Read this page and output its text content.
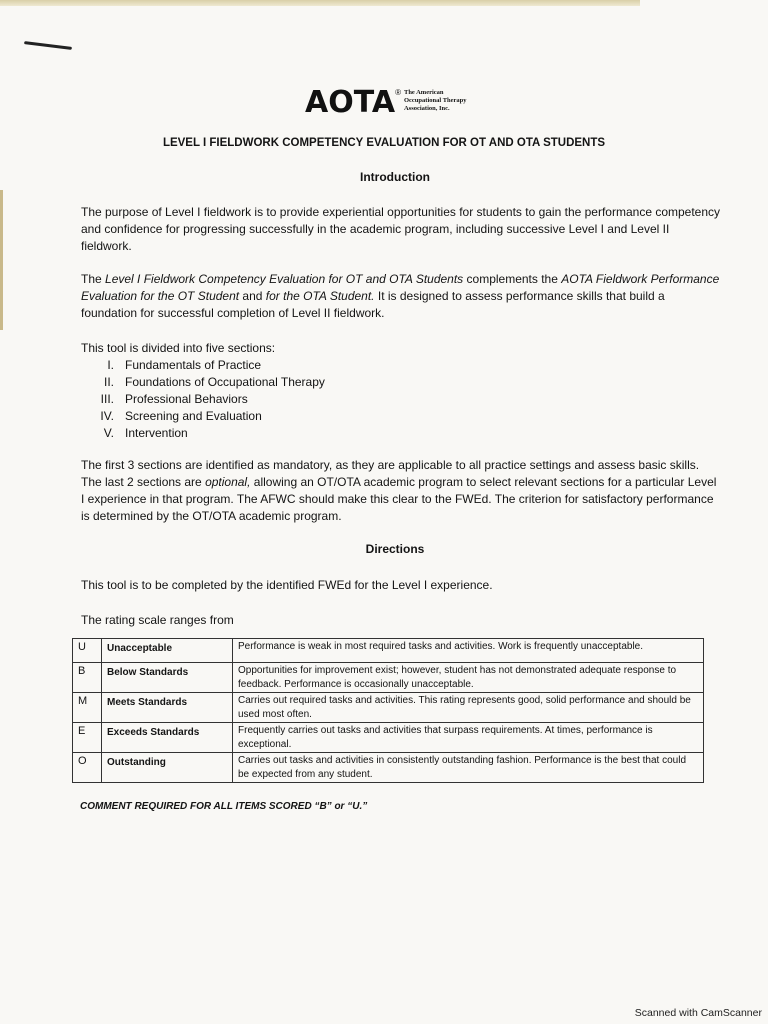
AOTA ® The American
Occupational Therapy
Association, Inc.
LEVEL I FIELDWORK COMPETENCY EVALUATION FOR OT AND OTA STUDENTS
Introduction
The purpose of Level I fieldwork is to provide experiential opportunities for students to gain the performance competency and confidence for progressing successfully in the academic program, including successive Level I and Level II fieldwork.
The Level I Fieldwork Competency Evaluation for OT and OTA Students complements the AOTA Fieldwork Performance Evaluation for the OT Student and for the OTA Student. It is designed to assess performance skills that build a foundation for successful completion of Level II fieldwork.
This tool is divided into five sections:
I. Fundamentals of Practice
II. Foundations of Occupational Therapy
III. Professional Behaviors
IV. Screening and Evaluation
V. Intervention
The first 3 sections are identified as mandatory, as they are applicable to all practice settings and assess basic skills. The last 2 sections are optional, allowing an OT/OTA academic program to select relevant sections for a particular Level I experience in that program. The AFWC should make this clear to the FWEd. The criterion for satisfactory performance is determined by the OT/OTA academic program.
Directions
This tool is to be completed by the identified FWEd for the Level I experience.
The rating scale ranges from
U	Unacceptable	Performance is weak in most required tasks and activities. Work is frequently unacceptable.
B	Below Standards	Opportunities for improvement exist; however, student has not demonstrated adequate response to feedback. Performance is occasionally unacceptable.
M	Meets Standards	Carries out required tasks and activities. This rating represents good, solid performance and should be used most often.
E	Exceeds Standards	Frequently carries out tasks and activities that surpass requirements. At times, performance is exceptional.
O	Outstanding	Carries out tasks and activities in consistently outstanding fashion. Performance is the best that could be expected from any student.
COMMENT REQUIRED FOR ALL ITEMS SCORED “B” or “U.”
Scanned with CamScanner
